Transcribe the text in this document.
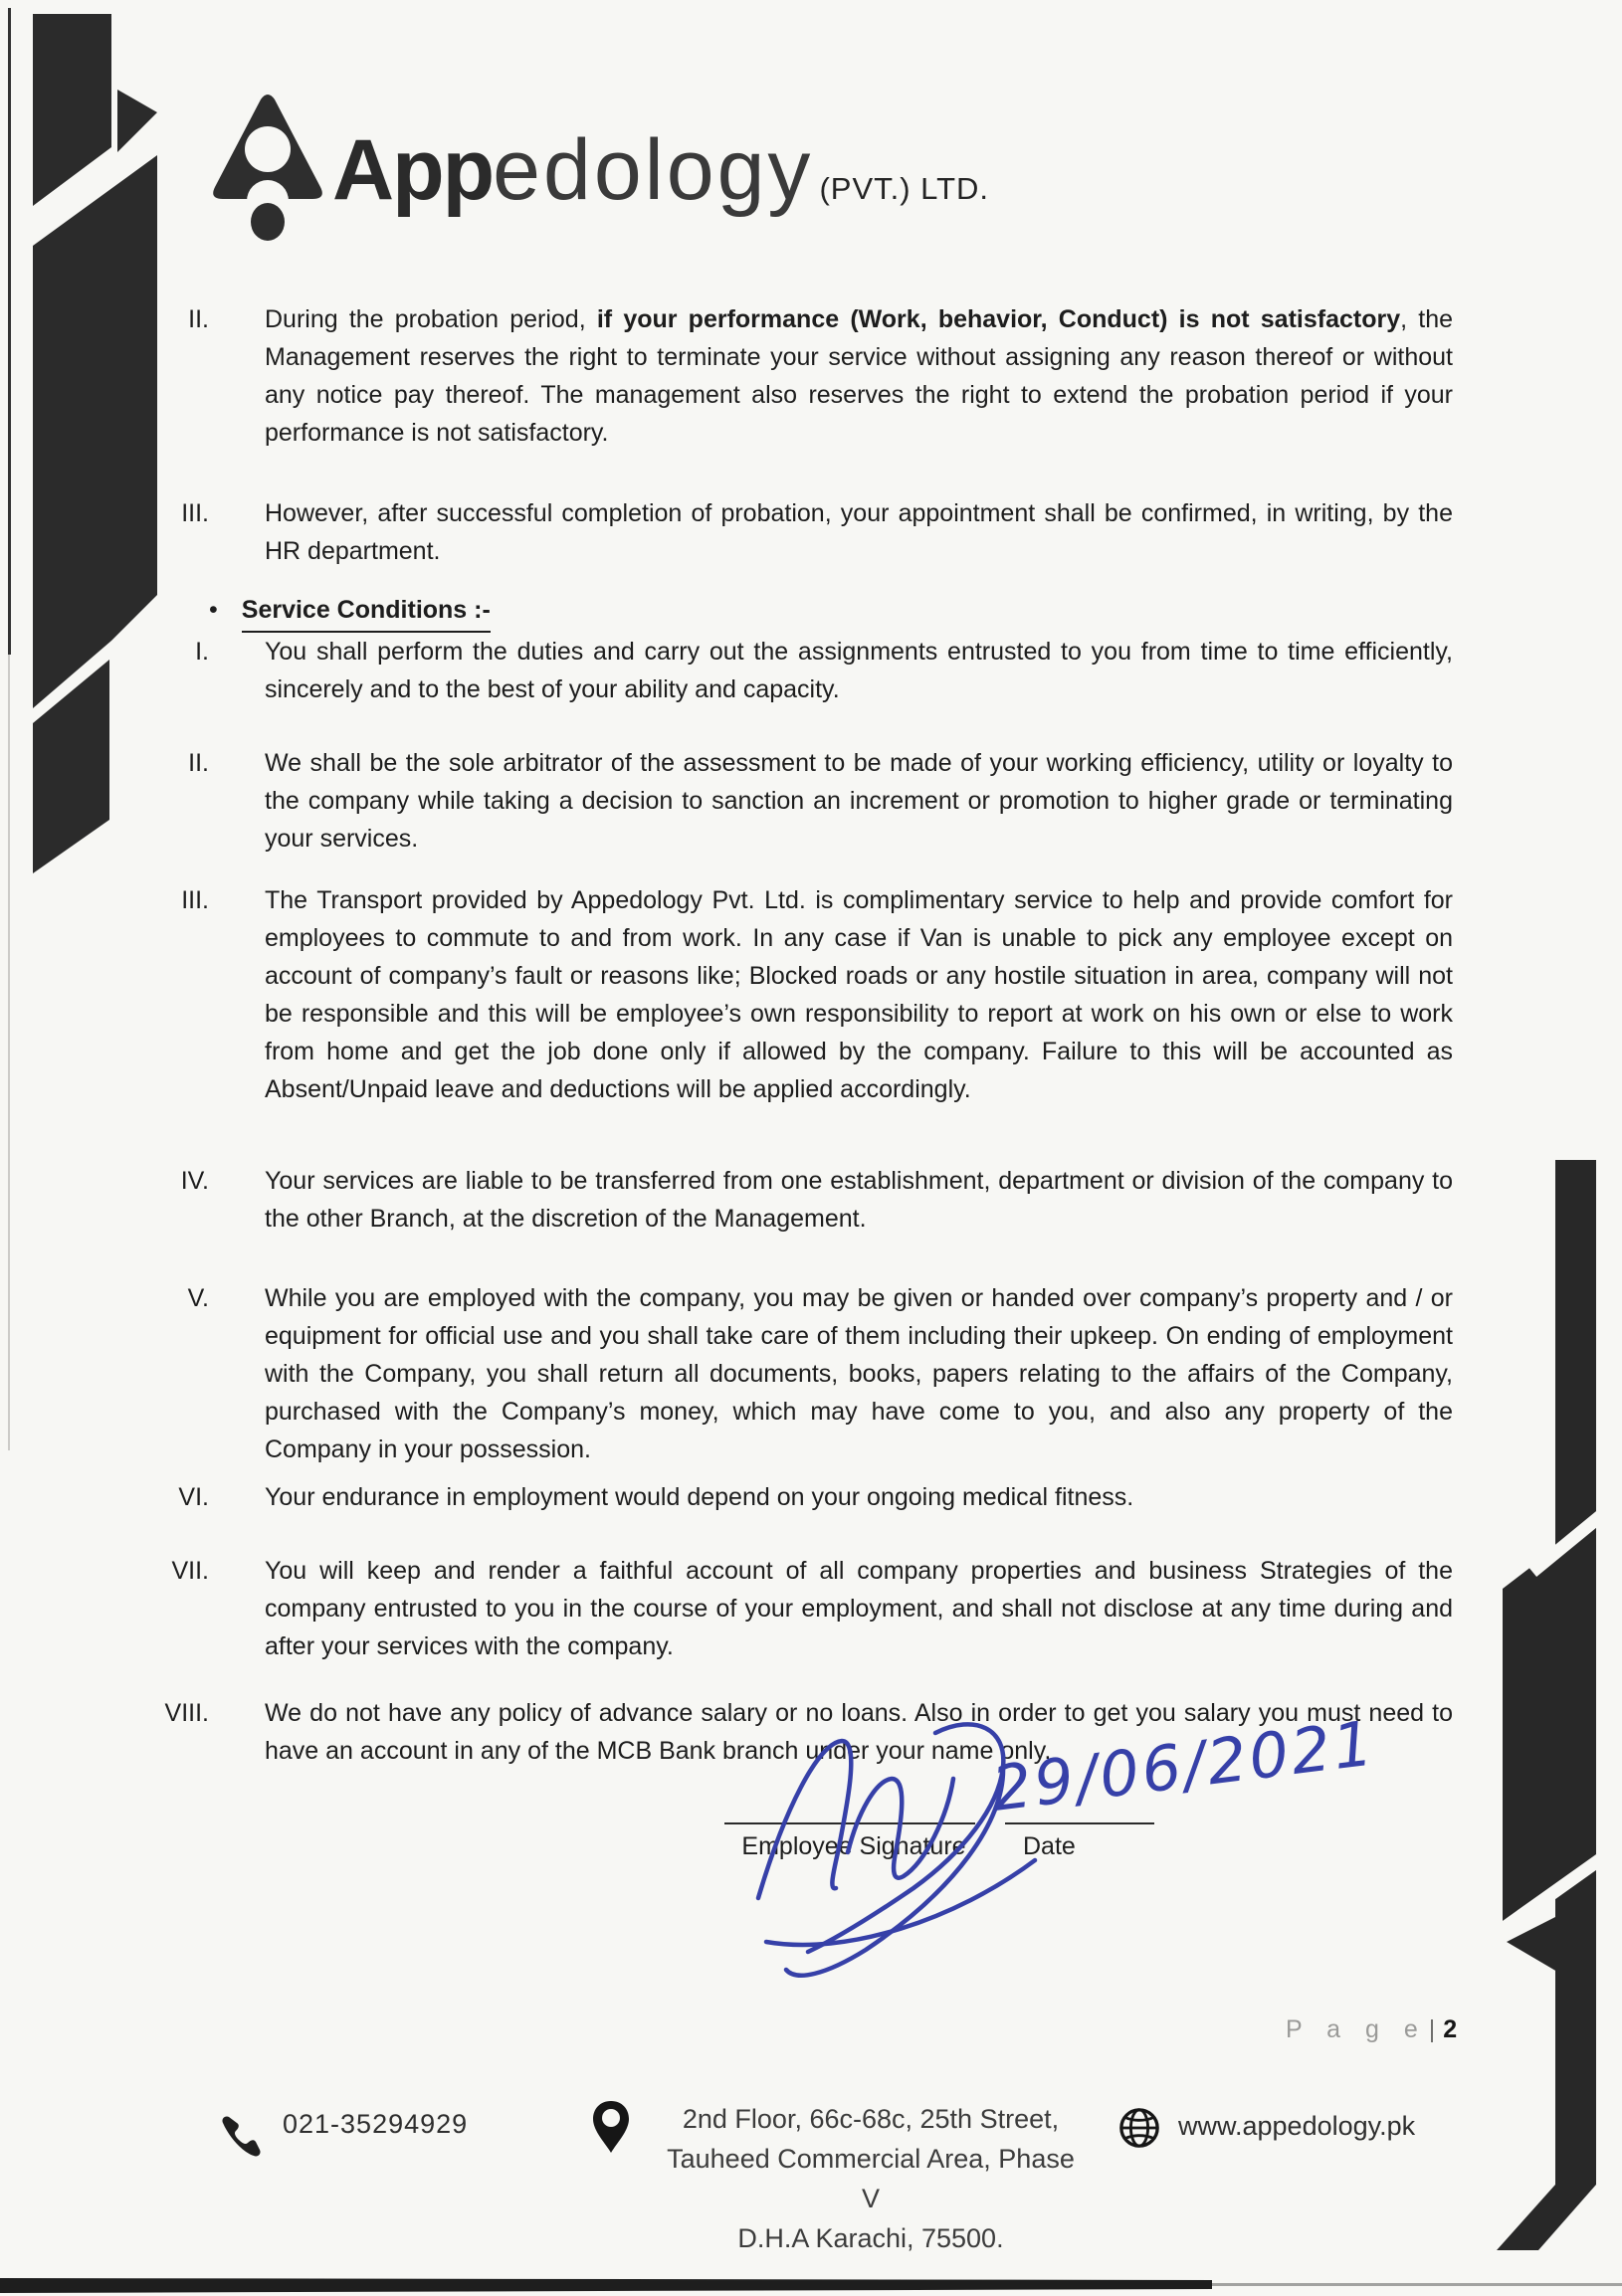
Appedology (PVT.) LTD.
II. During the probation period, if your performance (Work, behavior, Conduct) is not satisfactory, the Management reserves the right to terminate your service without assigning any reason thereof or without any notice pay thereof. The management also reserves the right to extend the probation period if your performance is not satisfactory.
III. However, after successful completion of probation, your appointment shall be confirmed, in writing, by the HR department.
• Service Conditions :-
I. You shall perform the duties and carry out the assignments entrusted to you from time to time efficiently, sincerely and to the best of your ability and capacity.
II. We shall be the sole arbitrator of the assessment to be made of your working efficiency, utility or loyalty to the company while taking a decision to sanction an increment or promotion to higher grade or terminating your services.
III. The Transport provided by Appedology Pvt. Ltd. is complimentary service to help and provide comfort for employees to commute to and from work. In any case if Van is unable to pick any employee except on account of company’s fault or reasons like; Blocked roads or any hostile situation in area, company will not be responsible and this will be employee’s own responsibility to report at work on his own or else to work from home and get the job done only if allowed by the company. Failure to this will be accounted as Absent/Unpaid leave and deductions will be applied accordingly.
IV. Your services are liable to be transferred from one establishment, department or division of the company to the other Branch, at the discretion of the Management.
V. While you are employed with the company, you may be given or handed over company’s property and / or equipment for official use and you shall take care of them including their upkeep. On ending of employment with the Company, you shall return all documents, books, papers relating to the affairs of the Company, purchased with the Company’s money, which may have come to you, and also any property of the Company in your possession.
VI. Your endurance in employment would depend on your ongoing medical fitness.
VII. You will keep and render a faithful account of all company properties and business Strategies of the company entrusted to you in the course of your employment, and shall not disclose at any time during and after your services with the company.
VIII. We do not have any policy of advance salary or no loans. Also in order to get you salary you must need to have an account in any of the MCB Bank branch under your name only.
Employee Signature	Date
29/06/2021
P a g e| 2
021-35294929	2nd Floor, 66c-68c, 25th Street,
Tauheed Commercial Area, Phase V
D.H.A Karachi, 75500.
www.appedology.pk
